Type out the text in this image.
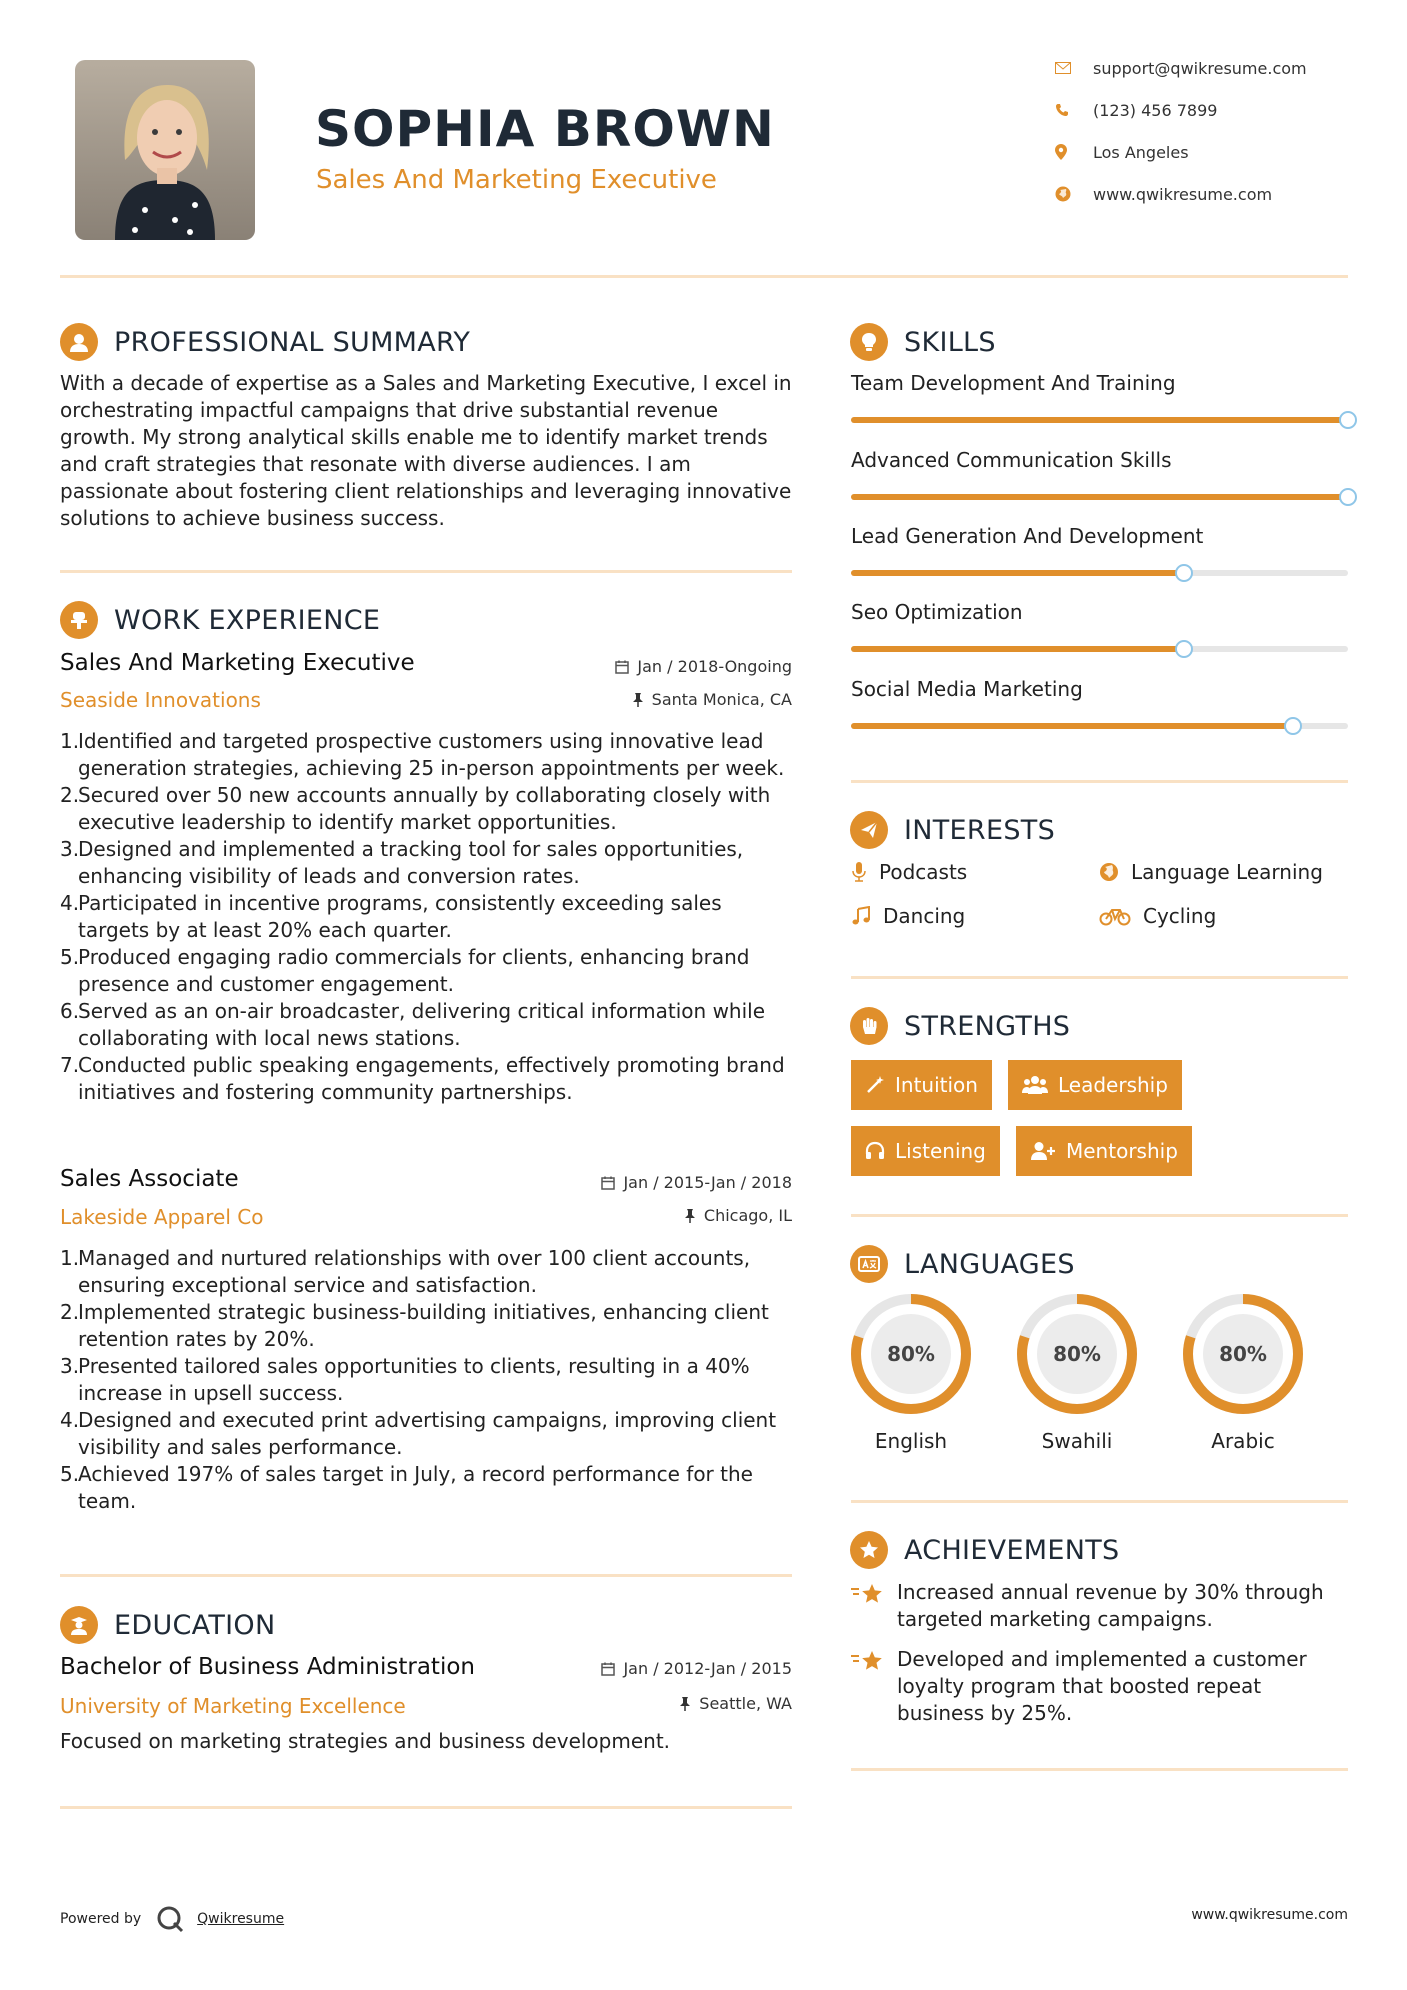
SOPHIA BROWN
Sales And Marketing Executive
support@qwikresume.com
(123) 456 7899
Los Angeles
www.qwikresume.com
PROFESSIONAL SUMMARY
With a decade of expertise as a Sales and Marketing Executive, I excel in orchestrating impactful campaigns that drive substantial revenue growth. My strong analytical skills enable me to identify market trends and craft strategies that resonate with diverse audiences. I am passionate about fostering client relationships and leveraging innovative solutions to achieve business success.
WORK EXPERIENCE
Sales And Marketing Executive	Jan / 2018-Ongoing
Seaside Innovations	Santa Monica, CA
1.
Identified and targeted prospective customers using innovative lead generation strategies, achieving 25 in-person appointments per week.
2.
Secured over 50 new accounts annually by collaborating closely with executive leadership to identify market opportunities.
3.
Designed and implemented a tracking tool for sales opportunities, enhancing visibility of leads and conversion rates.
4.
Participated in incentive programs, consistently exceeding sales targets by at least 20% each quarter.
5.
Produced engaging radio commercials for clients, enhancing brand presence and customer engagement.
6.
Served as an on-air broadcaster, delivering critical information while collaborating with local news stations.
7.
Conducted public speaking engagements, effectively promoting brand initiatives and fostering community partnerships.
Sales Associate	Jan / 2015-Jan / 2018
Lakeside Apparel Co	Chicago, IL
1.
Managed and nurtured relationships with over 100 client accounts, ensuring exceptional service and satisfaction.
2.
Implemented strategic business-building initiatives, enhancing client retention rates by 20%.
3.
Presented tailored sales opportunities to clients, resulting in a 40% increase in upsell success.
4.
Designed and executed print advertising campaigns, improving client visibility and sales performance.
5.
Achieved 197% of sales target in July, a record performance for the team.
EDUCATION
Bachelor of Business Administration	Jan / 2012-Jan / 2015
University of Marketing Excellence	Seattle, WA
Focused on marketing strategies and business development.
SKILLS
Team Development And Training
Advanced Communication Skills
Lead Generation And Development
Seo Optimization
Social Media Marketing
INTERESTS
Podcasts	Language Learning
Dancing	Cycling
STRENGTHS
Intuition	Leadership
Listening	Mentorship
LANGUAGES
80%
English
80%
Swahili
80%
Arabic
ACHIEVEMENTS
Increased annual revenue by 30% through targeted marketing campaigns.
Developed and implemented a customer loyalty program that boosted repeat business by 25%.
Powered by	Qwikresume	www.qwikresume.com
